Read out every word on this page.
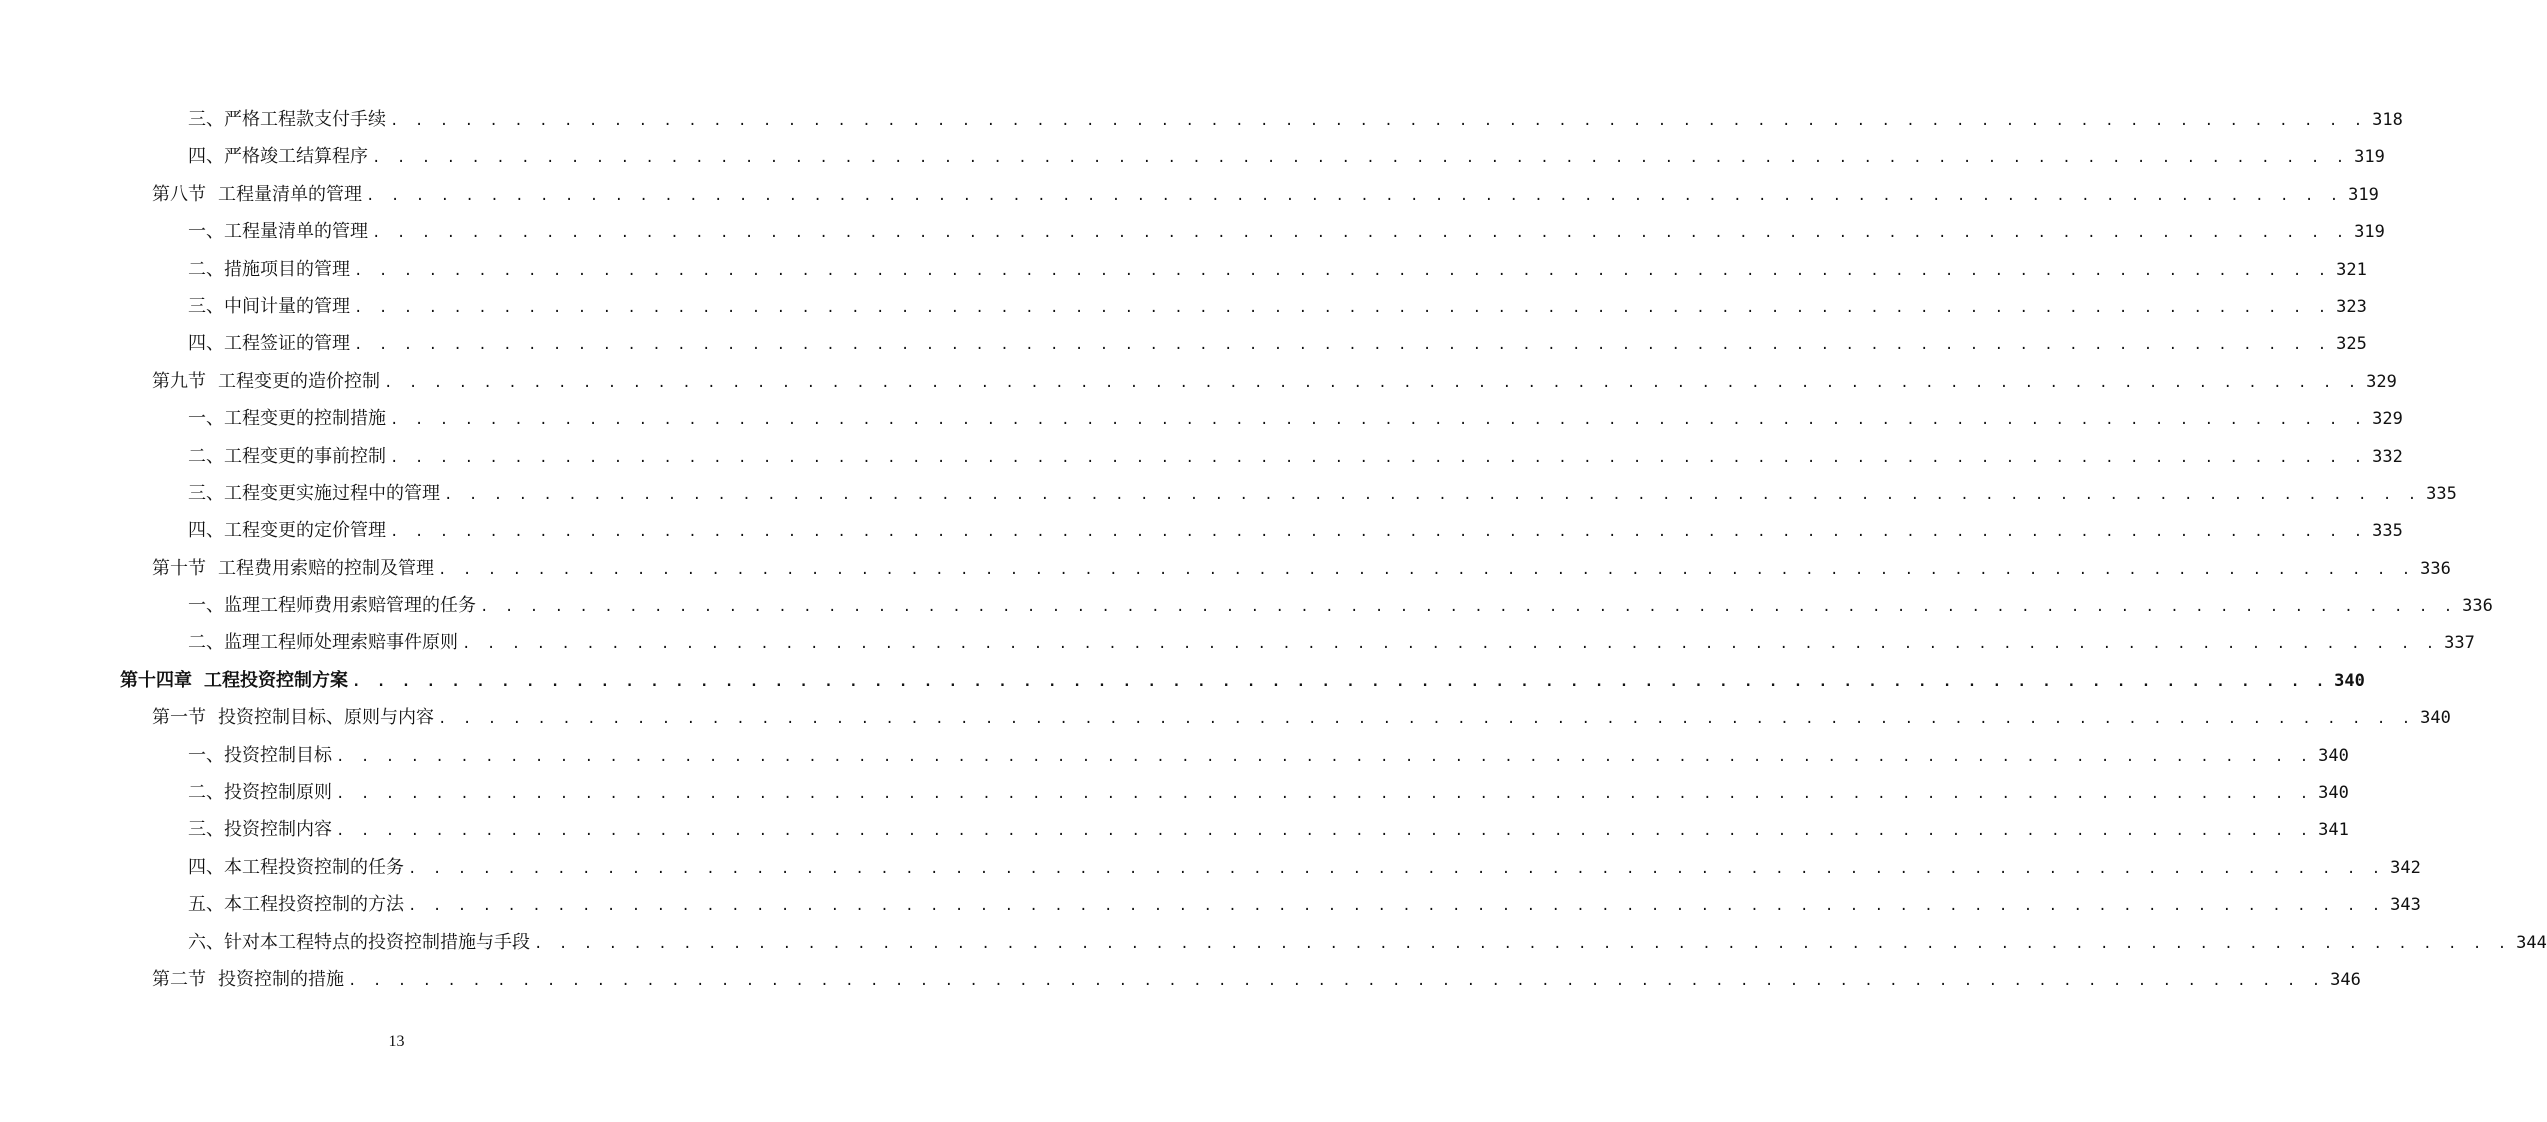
三、严格工程款支付手续 . . . . . . . . . . . . . . . . . . . . . . . . . . . . . . . . . . . . . . . . . . . . . . . . . . . . . . . . . . . . . . . . . . . . . . . . . . . . . . . . 318
四、严格竣工结算程序 . . . . . . . . . . . . . . . . . . . . . . . . . . . . . . . . . . . . . . . . . . . . . . . . . . . . . . . . . . . . . . . . . . . . . . . . . . . . . . . . 319
第八节 工程量清单的管理 . . . . . . . . . . . . . . . . . . . . . . . . . . . . . . . . . . . . . . . . . . . . . . . . . . . . . . . . . . . . . . . . . . . . . . . . . . . . . . . . 319
一、工程量清单的管理 . . . . . . . . . . . . . . . . . . . . . . . . . . . . . . . . . . . . . . . . . . . . . . . . . . . . . . . . . . . . . . . . . . . . . . . . . . . . . . . . 319
二、措施项目的管理 . . . . . . . . . . . . . . . . . . . . . . . . . . . . . . . . . . . . . . . . . . . . . . . . . . . . . . . . . . . . . . . . . . . . . . . . . . . . . . . . 321
三、中间计量的管理 . . . . . . . . . . . . . . . . . . . . . . . . . . . . . . . . . . . . . . . . . . . . . . . . . . . . . . . . . . . . . . . . . . . . . . . . . . . . . . . . 323
四、工程签证的管理 . . . . . . . . . . . . . . . . . . . . . . . . . . . . . . . . . . . . . . . . . . . . . . . . . . . . . . . . . . . . . . . . . . . . . . . . . . . . . . . . 325
第九节 工程变更的造价控制 . . . . . . . . . . . . . . . . . . . . . . . . . . . . . . . . . . . . . . . . . . . . . . . . . . . . . . . . . . . . . . . . . . . . . . . . . . . . . . . . 329
一、工程变更的控制措施 . . . . . . . . . . . . . . . . . . . . . . . . . . . . . . . . . . . . . . . . . . . . . . . . . . . . . . . . . . . . . . . . . . . . . . . . . . . . . . . . 329
二、工程变更的事前控制 . . . . . . . . . . . . . . . . . . . . . . . . . . . . . . . . . . . . . . . . . . . . . . . . . . . . . . . . . . . . . . . . . . . . . . . . . . . . . . . . 332
三、工程变更实施过程中的管理 . . . . . . . . . . . . . . . . . . . . . . . . . . . . . . . . . . . . . . . . . . . . . . . . . . . . . . . . . . . . . . . . . . . . . . . . . . . . . . . . 335
四、工程变更的定价管理 . . . . . . . . . . . . . . . . . . . . . . . . . . . . . . . . . . . . . . . . . . . . . . . . . . . . . . . . . . . . . . . . . . . . . . . . . . . . . . . . 335
第十节 工程费用索赔的控制及管理 . . . . . . . . . . . . . . . . . . . . . . . . . . . . . . . . . . . . . . . . . . . . . . . . . . . . . . . . . . . . . . . . . . . . . . . . . . . . . . . . 336
一、监理工程师费用索赔管理的任务 . . . . . . . . . . . . . . . . . . . . . . . . . . . . . . . . . . . . . . . . . . . . . . . . . . . . . . . . . . . . . . . . . . . . . . . . . . . . . . . . 336
二、监理工程师处理索赔事件原则 . . . . . . . . . . . . . . . . . . . . . . . . . . . . . . . . . . . . . . . . . . . . . . . . . . . . . . . . . . . . . . . . . . . . . . . . . . . . . . . . 337
第十四章 工程投资控制方案 . . . . . . . . . . . . . . . . . . . . . . . . . . . . . . . . . . . . . . . . . . . . . . . . . . . . . . . . . . . . . . . . . . . . . . . . . . . . . . . . 340
第一节 投资控制目标、原则与内容 . . . . . . . . . . . . . . . . . . . . . . . . . . . . . . . . . . . . . . . . . . . . . . . . . . . . . . . . . . . . . . . . . . . . . . . . . . . . . . . . 340
一、投资控制目标 . . . . . . . . . . . . . . . . . . . . . . . . . . . . . . . . . . . . . . . . . . . . . . . . . . . . . . . . . . . . . . . . . . . . . . . . . . . . . . . . 340
二、投资控制原则 . . . . . . . . . . . . . . . . . . . . . . . . . . . . . . . . . . . . . . . . . . . . . . . . . . . . . . . . . . . . . . . . . . . . . . . . . . . . . . . . 340
三、投资控制内容 . . . . . . . . . . . . . . . . . . . . . . . . . . . . . . . . . . . . . . . . . . . . . . . . . . . . . . . . . . . . . . . . . . . . . . . . . . . . . . . . 341
四、本工程投资控制的任务 . . . . . . . . . . . . . . . . . . . . . . . . . . . . . . . . . . . . . . . . . . . . . . . . . . . . . . . . . . . . . . . . . . . . . . . . . . . . . . . . 342
五、本工程投资控制的方法 . . . . . . . . . . . . . . . . . . . . . . . . . . . . . . . . . . . . . . . . . . . . . . . . . . . . . . . . . . . . . . . . . . . . . . . . . . . . . . . . 343
六、针对本工程特点的投资控制措施与手段 . . . . . . . . . . . . . . . . . . . . . . . . . . . . . . . . . . . . . . . . . . . . . . . . . . . . . . . . . . . . . . . . . . . . . . . . . . . . . . . . 344
第二节 投资控制的措施 . . . . . . . . . . . . . . . . . . . . . . . . . . . . . . . . . . . . . . . . . . . . . . . . . . . . . . . . . . . . . . . . . . . . . . . . . . . . . . . . 346
13
